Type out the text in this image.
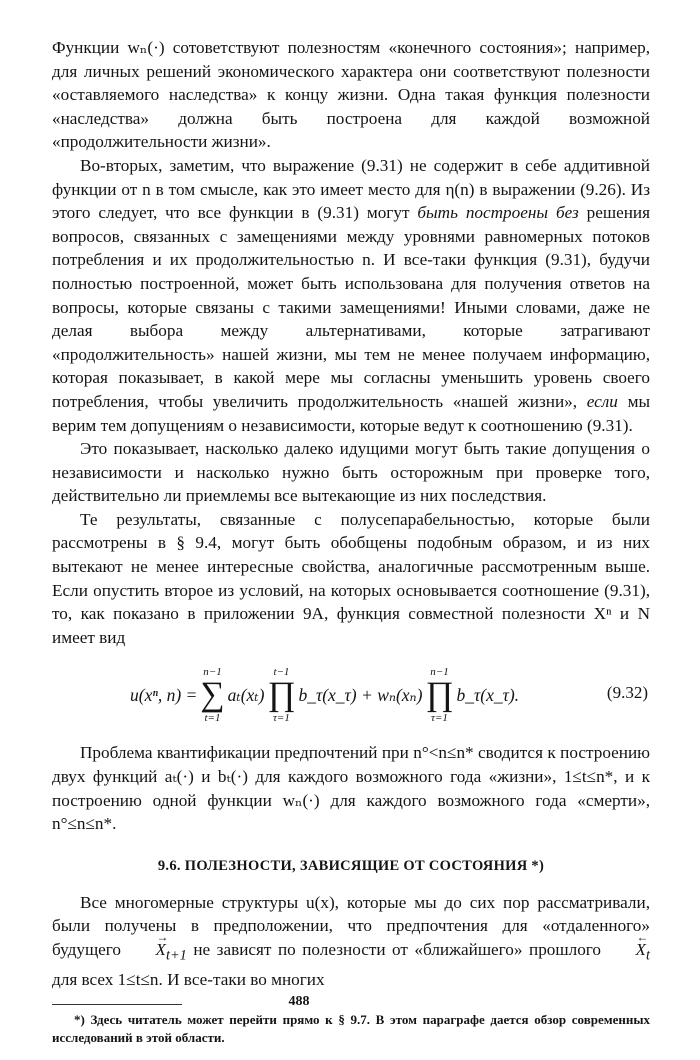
Функции wₙ(·) сотоветствуют полезностям «конечного состояния»; например, для личных решений экономического характера они соответствуют полезности «оставляемого наследства» к концу жизни. Одна такая функция полезности «наследства» должна быть построена для каждой возможной «продолжительности жизни».

Во-вторых, заметим, что выражение (9.31) не содержит в себе аддитивной функции от n в том смысле, как это имеет место для η(n) в выражении (9.26). Из этого следует, что все функции в (9.31) могут быть построены без решения вопросов, связанных с замещениями между уровнями равномерных потоков потребления и их продолжительностью n. И все-таки функция (9.31), будучи полностью построенной, может быть использована для получения ответов на вопросы, которые связаны с такими замещениями! Иными словами, даже не делая выбора между альтернативами, которые затрагивают «продолжительность» нашей жизни, мы тем не менее получаем информацию, которая показывает, в какой мере мы согласны уменьшить уровень своего потребления, чтобы увеличить продолжительность «нашей жизни», если мы верим тем допущениям о независимости, которые ведут к соотношению (9.31).

Это показывает, насколько далеко идущими могут быть такие допущения о независимости и насколько нужно быть осторожным при проверке того, действительно ли приемлемы все вытекающие из них последствия.

Те результаты, связанные с полусепарабельностью, которые были рассмотрены в § 9.4, могут быть обобщены подобным образом, и из них вытекают не менее интересные свойства, аналогичные рассмотренным выше. Если опустить второе из условий, на которых основывается соотношение (9.31), то, как показано в приложении 9А, функция совместной полезности Xⁿ и N имеет вид

u(xⁿ, n) =
n−1
∑
t=1
aₜ(xₜ)
t−1
∏
τ=1
b_τ(x_τ) + wₙ(xₙ)
n−1
∏
τ=1
b_τ(x_τ).	(9.32)

Проблема квантификации предпочтений при n°<n≤n* сводится к построению двух функций aₜ(·) и bₜ(·) для каждого возможного года «жизни», 1≤t≤n*, и к построению одной функции wₙ(·) для каждого возможного года «смерти», n°≤n≤n*.

9.6. ПОЛЕЗНОСТИ, ЗАВИСЯЩИЕ ОТ СОСТОЯНИЯ *)

Все многомерные структуры u(x), которые мы до сих пор рассматривали, были получены в предположении, что предпочтения для «отдаленного» будущего → $X_{t+1}$ не зависят по полезности от «ближайшего» прошлого ← $X_t$ для всех 1≤t≤n. И все-таки во многих

*) Здесь читатель может перейти прямо к § 9.7. В этом параграфе дается обзор современных исследований в этой области.

488
